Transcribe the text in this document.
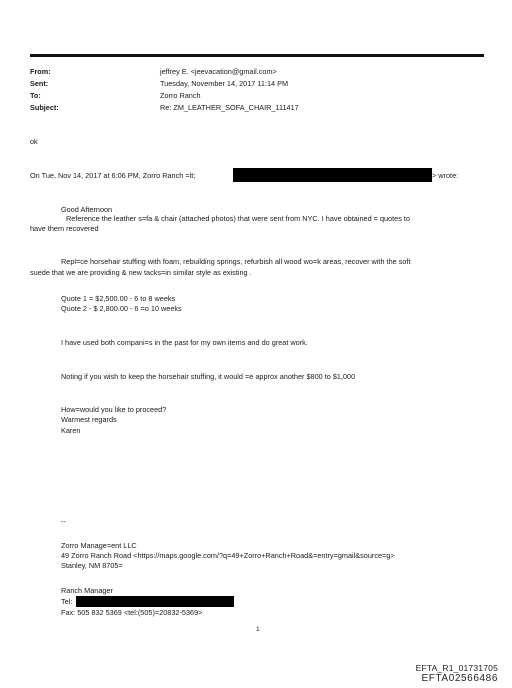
From:	jeffrey E. <jeevacation@gmail.com>
Sent:	Tuesday, November 14, 2017 11:14 PM
To:	Zorro Ranch
Subject:	Re: ZM_LEATHER_SOFA_CHAIR_111417
ok
On Tue, Nov 14, 2017 at 6:06 PM, Zorro Ranch =lt;	> wrote:
Good Afternoon
Reference the leather s=fa & chair (attached photos) that were sent from NYC. I have obtained = quotes to
have them recovered
Repl=ce horsehair stuffing with foam, rebuilding springs, refurbish all wood wo=k areas, recover with the soft
suede that we are providing & new tacks=in similar style as existing .
Quote 1 = $2,500.00 - 6 to 8 weeks
Quote 2 - $ 2,800.00 - 6 =o 10 weeks
I have used both compani=s in the past for my own items and do great work.
Noting if you wish to keep the horsehair stuffing, it would =e approx another $800 to $1,000
How=would you like to proceed?
Warmest regards
Karen
--
Zorro Manage=ent LLC
49 Zorro Ranch Road <https://maps.google.com/?q=49+Zorro+Ranch+Road&=entry=gmail&source=g>
Stanley, NM 8705=
Ranch Manager
Tel:
Fax: 505 832 5369 <tel:(505)=20832-5369>
1
EFTA_R1_01731705
EFTA02566486
